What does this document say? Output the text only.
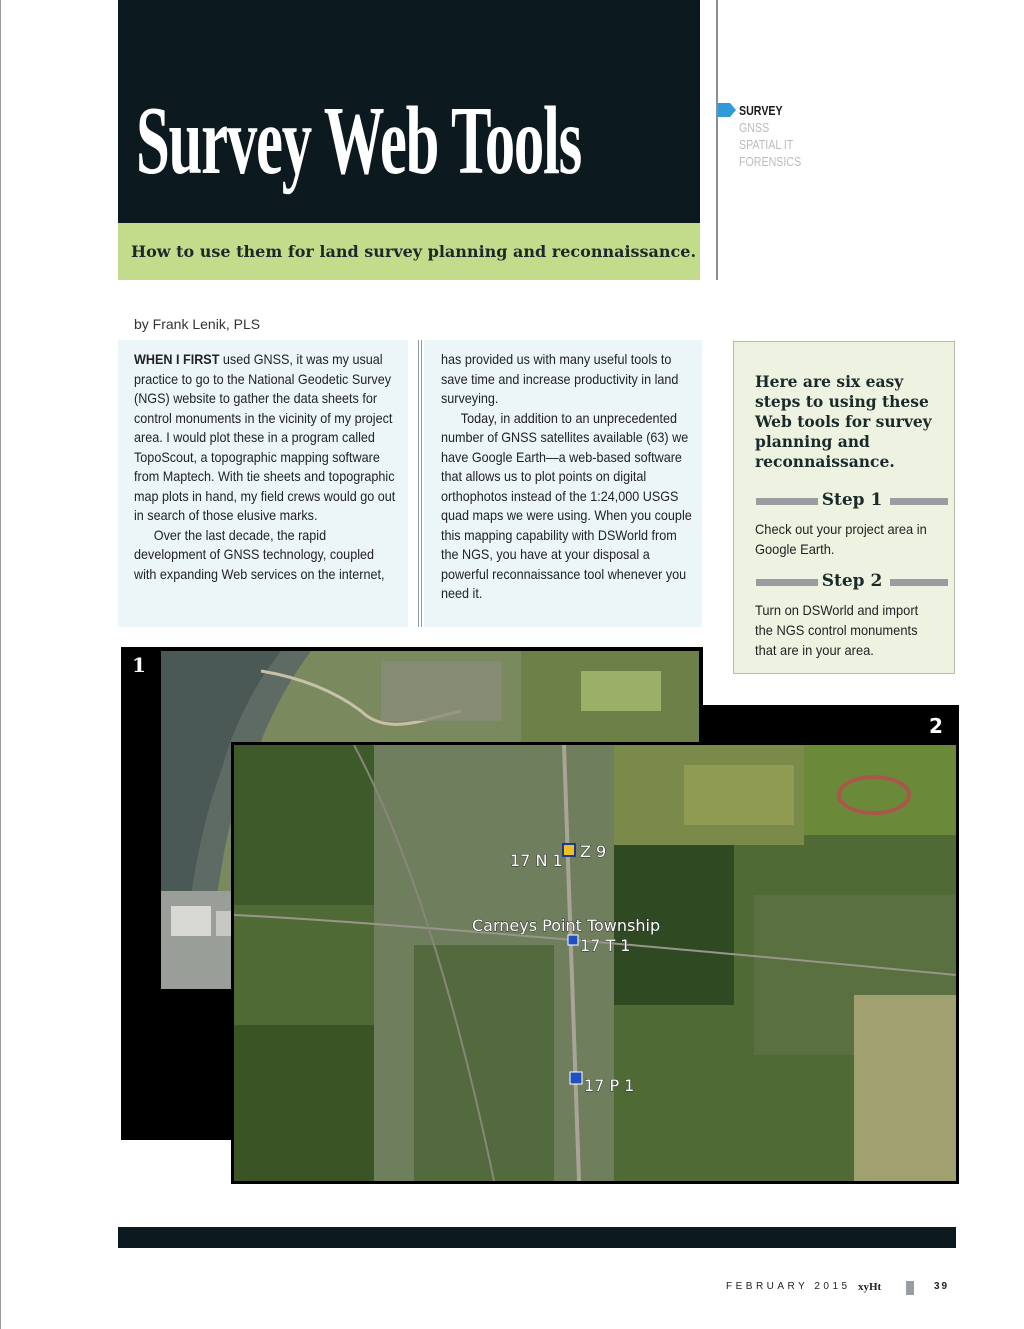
Survey Web Tools
How to use them for land survey planning and reconnaissance.
SURVEY
GNSS
SPATIAL IT
FORENSICS
by Frank Lenik, PLS

WHEN I FIRST used GNSS, it was my usual practice to go to the National Geodetic Survey (NGS) website to gather the data sheets for control monuments in the vicinity of my project area. I would plot these in a program called TopoScout, a topographic mapping software from Maptech. With tie sheets and topographic map plots in hand, my field crews would go out in search of those elusive marks.

Over the last decade, the rapid development of GNSS technology, coupled with expanding Web services on the internet,

has provided us with many useful tools to save time and increase productivity in land surveying.

Today, in addition to an unprecedented number of GNSS satellites available (63) we have Google Earth—a web-based software that allows us to plot points on digital orthophotos instead of the 1:24,000 USGS quad maps we were using. When you couple this mapping capability with DSWorld from the NGS, you have at your disposal a powerful reconnaissance tool whenever you need it.

Here are six easy steps to using these Web tools for survey planning and reconnaissance.
Step 1
Check out your project area in Google Earth.
Step 2
Turn on DSWorld and import the NGS control monuments that are in your area.
1
2
Z 9
17 N 1
Carneys Point Township
17 T 1
17 P 1
FEBRUARY 2015 xyHt	39
